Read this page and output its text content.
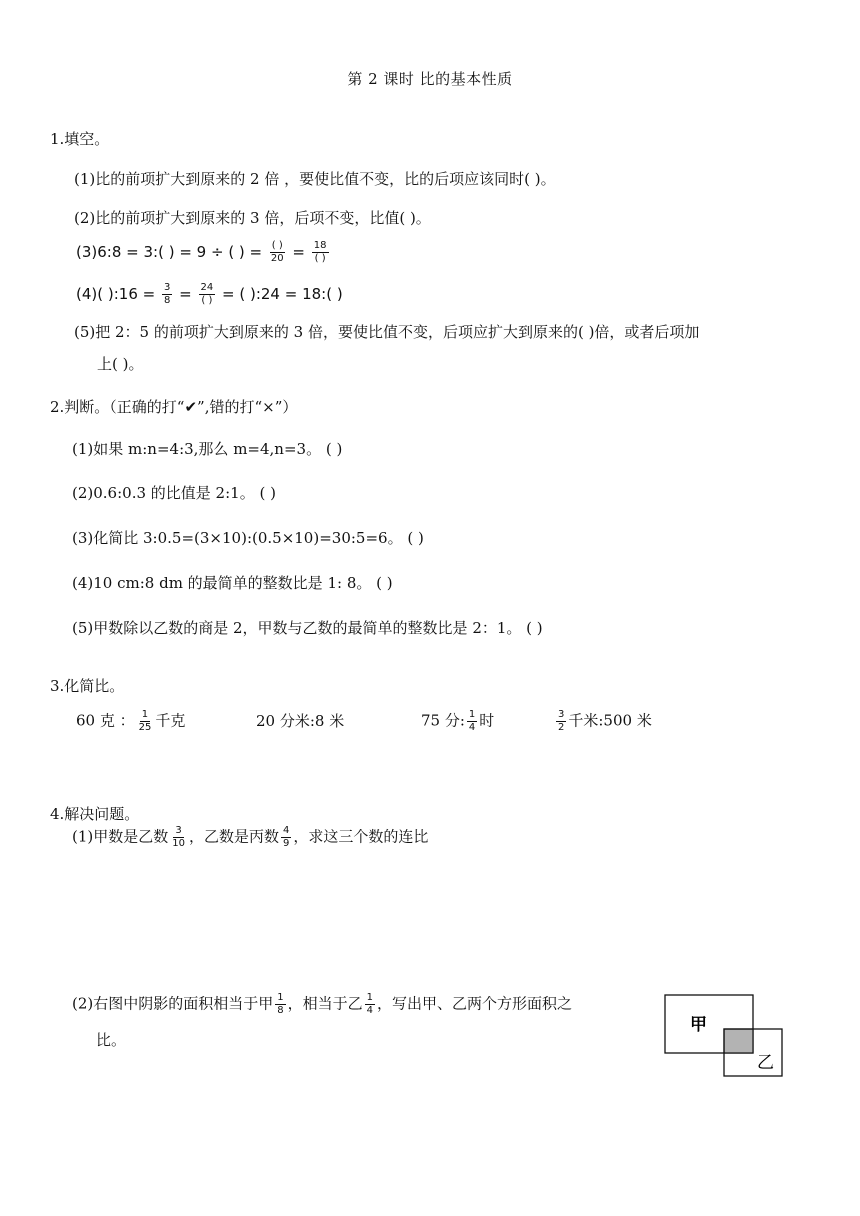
第 2 课时 比的基本性质
1.填空。
(1)比的前项扩大到原来的 2 倍 ，要使比值不变，比的后项应该同时( )。
(2)比的前项扩大到原来的 3 倍，后项不变，比值( )。
(3)6:8 = 3:( ) = 9 ÷ ( ) = $\frac{( )}{20} = \frac{18}{( )}$
(4)( ):16 = $\frac{3}{8} = \frac{24}{( )}$ = ( ):24 = 18:( )
(5)把 2：5 的前项扩大到原来的 3 倍，要使比值不变，后项应扩大到原来的( )倍，或者后项加
上( )。
2.判断。（正确的打“✔”,错的打“×”）
(1)如果 m:n=4:3,那么 m=4,n=3。 ( )
(2)0.6:0.3 的比值是 2:1。 ( )
(3)化简比 3:0.5=(3×10):(0.5×10)=30:5=6。 ( )
(4)10 cm:8 dm 的最简单的整数比是 1: 8。 ( )
(5)甲数除以乙数的商是 2，甲数与乙数的最简单的整数比是 2：1。 ( )
3.化简比。
60 克 ： $\frac{1}{25}$ 千克	20 分米:8 米	75 分: $\frac{1}{4}$ 时	$\frac{3}{2}$ 千米:500 米
4.解决问题。
(1)甲数是乙数 $\frac{3}{10}$ ，乙数是丙数 $\frac{4}{9}$ ，求这三个数的连比
(2)右图中阴影的面积相当于甲 $\frac{1}{8}$ ，相当于乙 $\frac{1}{4}$ ，写出甲、乙两个方形面积之
比。
甲
乙
